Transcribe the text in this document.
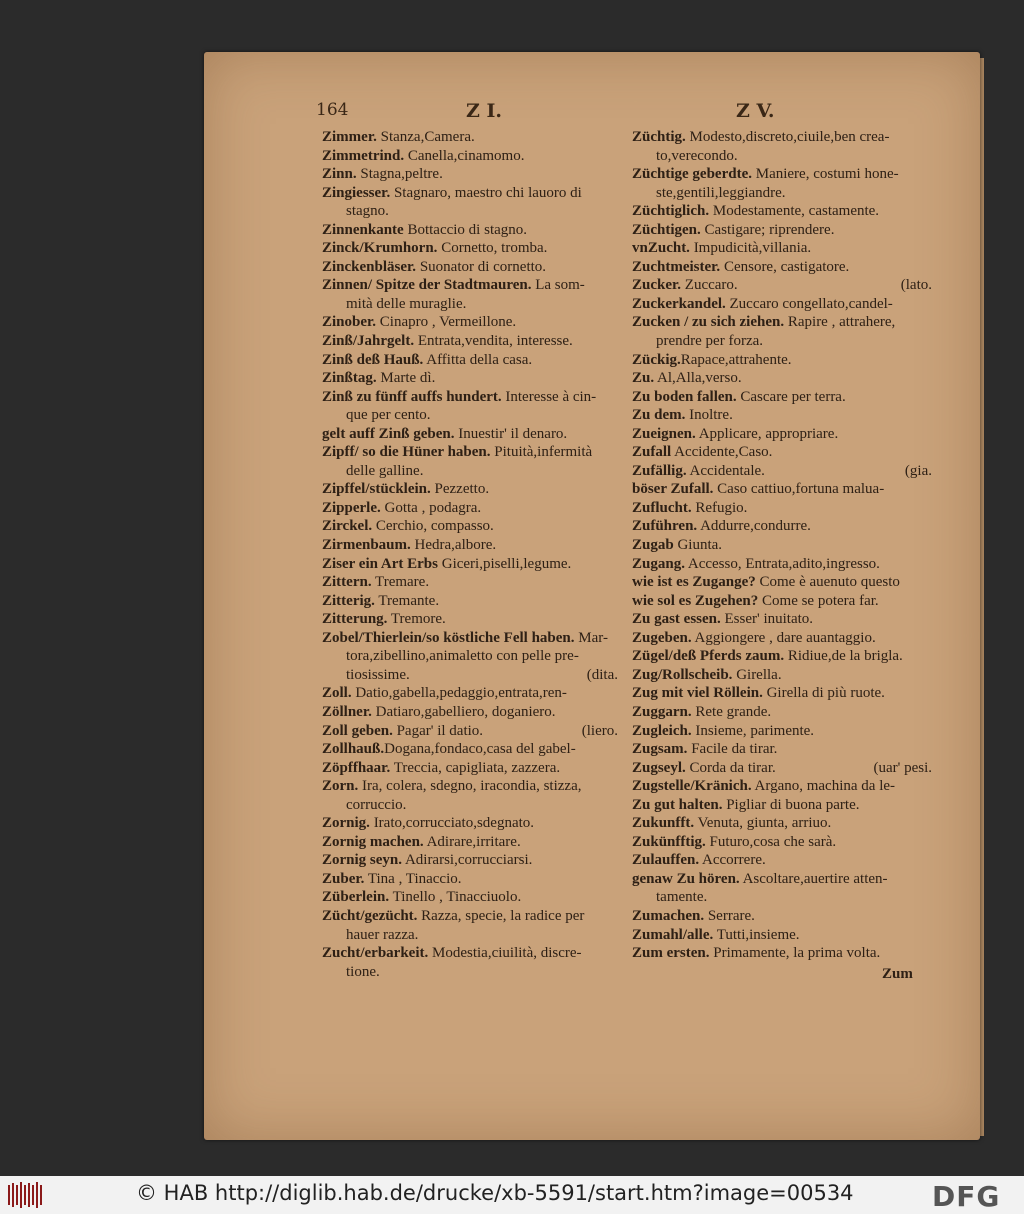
164	Z I.	Z V.
Zimmer. Stanza,Camera.
Zimmetrind. Canella,cinamomo.
Zinn. Stagna,peltre.
Zingiesser. Stagnaro, maestro chi lauoro di
stagno.
Zinnenkante Bottaccio di stagno.
Zinck/Krumhorn. Cornetto, tromba.
Zinckenbläser. Suonator di cornetto.
Zinnen/ Spitze der Stadtmauren. La som-
mità delle muraglie.
Zinober. Cinapro , Vermeillone.
Zinß/Jahrgelt. Entrata,vendita, interesse.
Zinß deß Hauß. Affitta della casa.
Zinßtag. Marte dì.
Zinß zu fünff auffs hundert. Interesse à cin-
que per cento.
gelt auff Zinß geben. Inuestir' il denaro.
Zipff/ so die Hüner haben. Pituità,infermità
delle galline.
Zipffel/stücklein. Pezzetto.
Zipperle. Gotta , podagra.
Zirckel. Cerchio, compasso.
Zirmenbaum. Hedra,albore.
Ziser ein Art Erbs Giceri,piselli,legume.
Zittern. Tremare.
Zitterig. Tremante.
Zitterung. Tremore.
Zobel/Thierlein/so köstliche Fell haben. Mar-
tora,zibellino,animaletto con pelle pre-
(dita.
tiosissime.
Zoll. Datio,gabella,pedaggio,entrata,ren-
Zöllner. Datiaro,gabelliero, doganiero.
(liero.
Zoll geben. Pagar' il datio.
Zollhauß.Dogana,fondaco,casa del gabel-
Zöpffhaar. Treccia, capigliata, zazzera.
Zorn. Ira, colera, sdegno, iracondia, stizza,
corruccio.
Zornig. Irato,corrucciato,sdegnato.
Zornig machen. Adirare,irritare.
Zornig seyn. Adirarsi,corrucciarsi.
Zuber. Tina , Tinaccio.
Züberlein. Tinello , Tinacciuolo.
Zücht/gezücht. Razza, specie, la radice per
hauer razza.
Zucht/erbarkeit. Modestia,ciuilità, discre-
tione.
Züchtig. Modesto,discreto,ciuile,ben crea-
to,verecondo.
Züchtige geberdte. Maniere, costumi hone-
ste,gentili,leggiandre.
Züchtiglich. Modestamente, castamente.
Züchtigen. Castigare; riprendere.
vnZucht. Impudicità,villania.
Zuchtmeister. Censore, castigatore.
(lato.
Zucker. Zuccaro.
Zuckerkandel. Zuccaro congellato,candel-
Zucken / zu sich ziehen. Rapire , attrahere,
prendre per forza.
Zückig.Rapace,attrahente.
Zu. Al,Alla,verso.
Zu boden fallen. Cascare per terra.
Zu dem. Inoltre.
Zueignen. Applicare, appropriare.
Zufall Accidente,Caso.
(gia.
Zufällig. Accidentale.
böser Zufall. Caso cattiuo,fortuna malua-
Zuflucht. Refugio.
Zuführen. Addurre,condurre.
Zugab Giunta.
Zugang. Accesso, Entrata,adito,ingresso.
wie ist es Zugange? Come è auenuto questo
wie sol es Zugehen? Come se potera far.
Zu gast essen. Esser' inuitato.
Zugeben. Aggiongere , dare auantaggio.
Zügel/deß Pferds zaum. Ridiue,de la brigla.
Zug/Rollscheib. Girella.
Zug mit viel Röllein. Girella di più ruote.
Zuggarn. Rete grande.
Zugleich. Insieme, parimente.
Zugsam. Facile da tirar.
(uar' pesi.
Zugseyl. Corda da tirar.
Zugstelle/Kränich. Argano, machina da le-
Zu gut halten. Pigliar di buona parte.
Zukunfft. Venuta, giunta, arriuo.
Zukünfftig. Futuro,cosa che sarà.
Zulauffen. Accorrere.
genaw Zu hören. Ascoltare,auertire atten-
tamente.
Zumachen. Serrare.
Zumahl/alle. Tutti,insieme.
Zum ersten. Primamente, la prima volta.
Zum
© HAB http://diglib.hab.de/drucke/xb-5591/start.htm?image=00534	DFG
